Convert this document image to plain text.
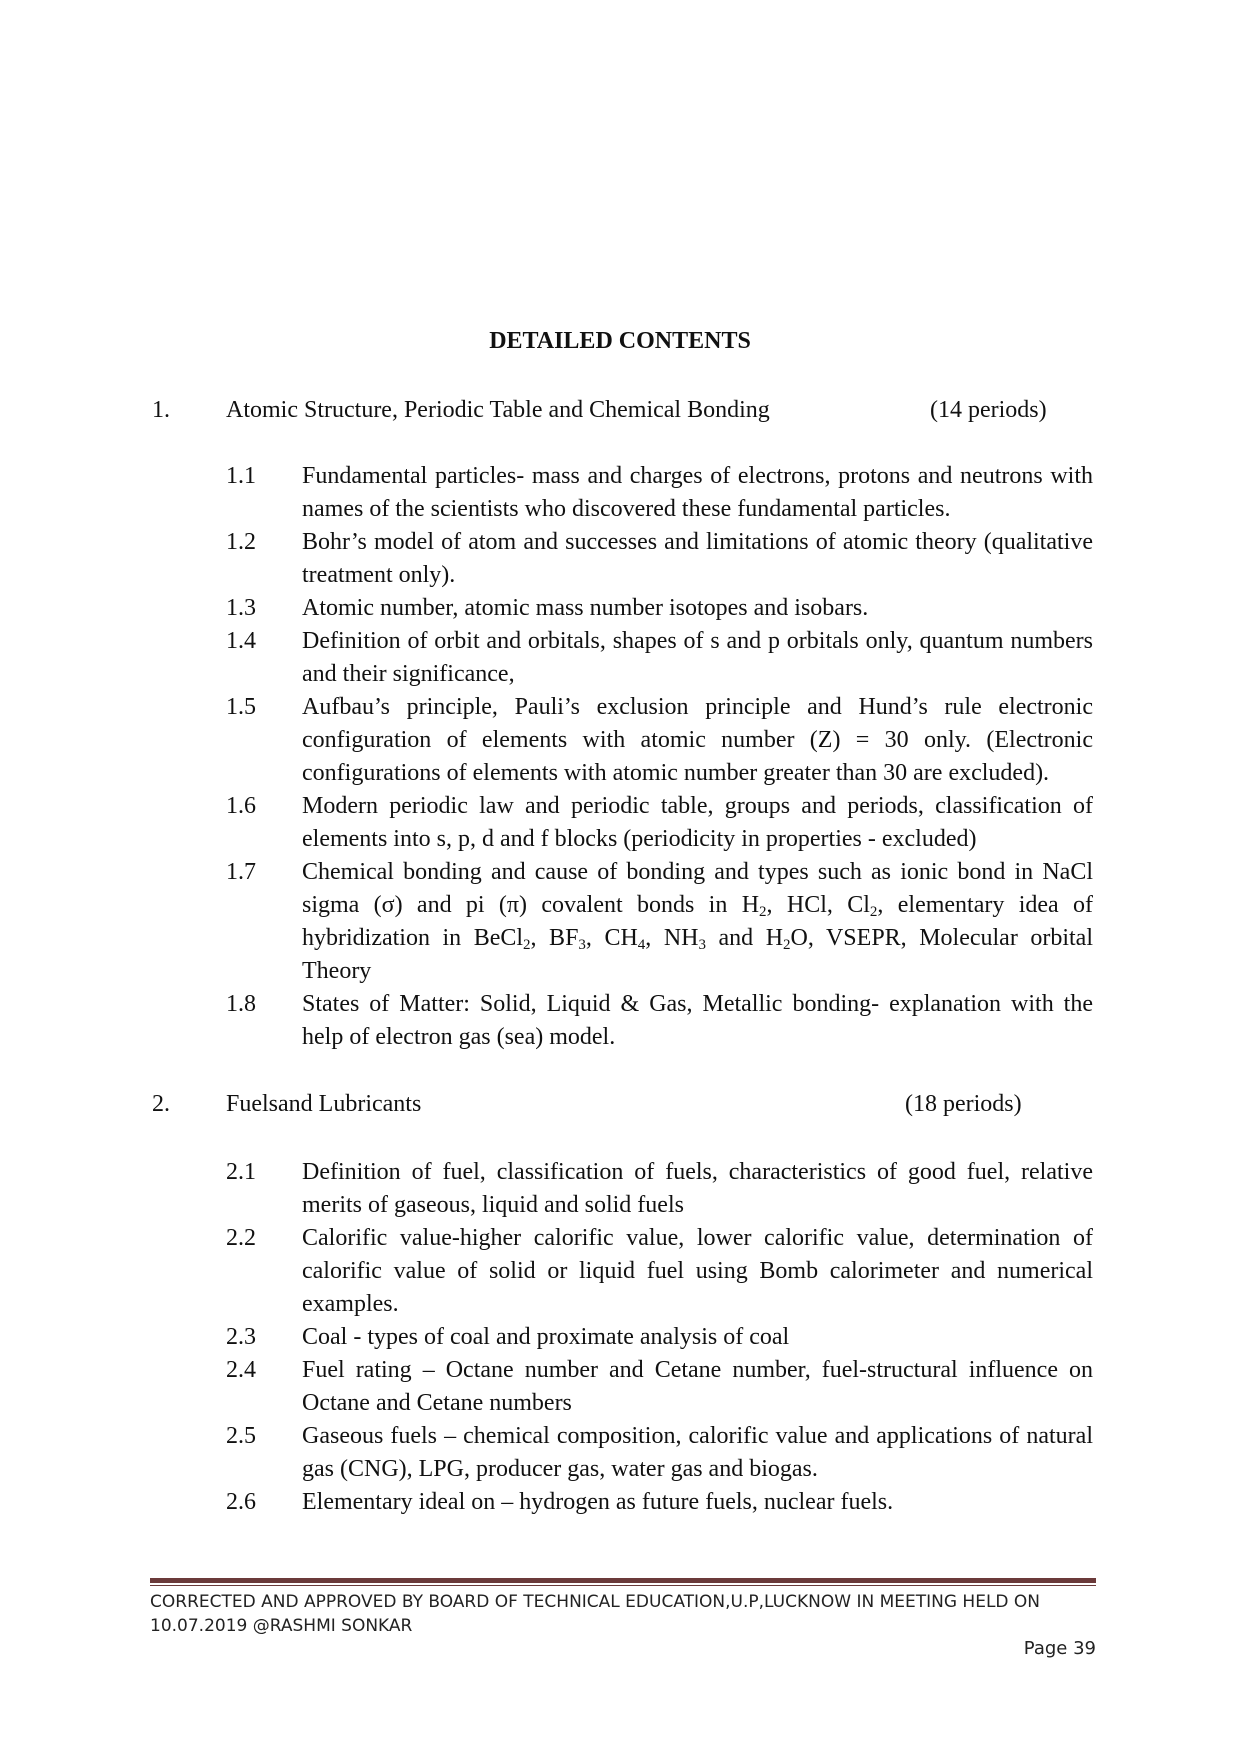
DETAILED CONTENTS
1. Atomic Structure, Periodic Table and Chemical Bonding	(14 periods)
1.1 Fundamental particles- mass and charges of electrons, protons and neutrons with names of the scientists who discovered these fundamental particles.
1.2 Bohr’s model of atom and successes and limitations of atomic theory (qualitative treatment only).
1.3 Atomic number, atomic mass number isotopes and isobars.
1.4 Definition of orbit and orbitals, shapes of s and p orbitals only, quantum numbers and their significance,
1.5 Aufbau’s principle, Pauli’s exclusion principle and Hund’s rule electronic configuration of elements with atomic number (Z) = 30 only. (Electronic configurations of elements with atomic number greater than 30 are excluded).
1.6 Modern periodic law and periodic table, groups and periods, classification of elements into s, p, d and f blocks (periodicity in properties - excluded)
1.7 Chemical bonding and cause of bonding and types such as ionic bond in NaCl sigma (σ) and pi (π) covalent bonds in $H_2$, HCl, $Cl_2$, elementary idea of hybridization in BeCl$_2$, $BF_3$, $CH_4$, $NH_3$ and $H_2O$, VSEPR, Molecular orbital Theory
1.8 States of Matter: Solid, Liquid & Gas, Metallic bonding- explanation with the help of electron gas (sea) model.
2. Fuelsand Lubricants	(18 periods)
2.1 Definition of fuel, classification of fuels, characteristics of good fuel, relative merits of gaseous, liquid and solid fuels
2.2 Calorific value-higher calorific value, lower calorific value, determination of calorific value of solid or liquid fuel using Bomb calorimeter and numerical examples.
2.3 Coal - types of coal and proximate analysis of coal
2.4 Fuel rating – Octane number and Cetane number, fuel-structural influence on Octane and Cetane numbers
2.5 Gaseous fuels – chemical composition, calorific value and applications of natural gas (CNG), LPG, producer gas, water gas and biogas.
2.6 Elementary ideal on – hydrogen as future fuels, nuclear fuels.
CORRECTED AND APPROVED BY BOARD OF TECHNICAL EDUCATION,U.P,LUCKNOW IN MEETING HELD ON 10.07.2019 @RASHMI SONKAR
Page 39
